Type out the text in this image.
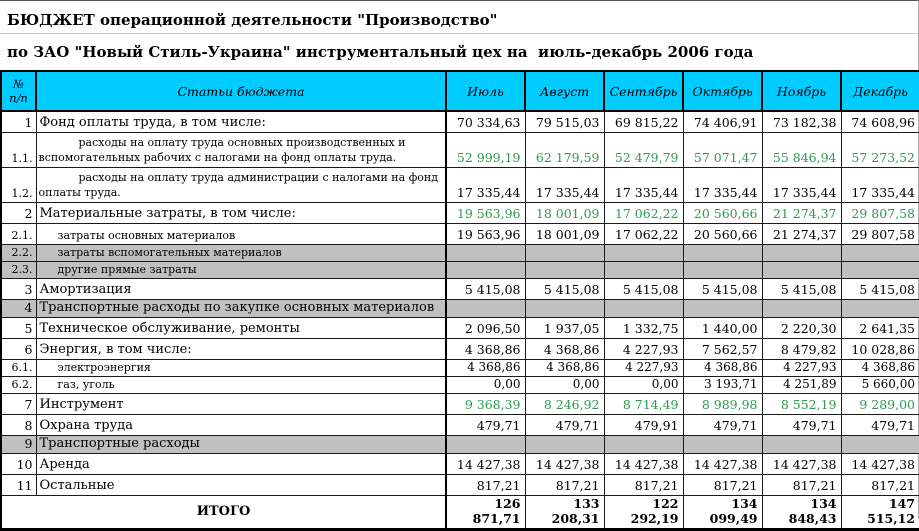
БЮДЖЕТ операционной деятельности "Производство"
по ЗАО "Новый Стиль-Украина" инструментальный цех на  июль-декабрь 2006 года
№
п/п	Статьи бюджета	Июль	Август	Сентябрь	Октябрь	Ноябрь	Декабрь
1	Фонд оплаты труда, в том числе:	70 334,63	79 515,03	69 815,22	74 406,91	73 182,38	74 608,96
1.1.	расходы на оплату труда основных производственных и вспомогательных рабочих с налогами на фонд оплаты труда.	52 999,19	62 179,59	52 479,79	57 071,47	55 846,94	57 273,52
1.2.	расходы на оплату труда администрации с налогами на фонд оплаты труда.	17 335,44	17 335,44	17 335,44	17 335,44	17 335,44	17 335,44
2	Материальные затраты, в том числе:	19 563,96	18 001,09	17 062,22	20 560,66	21 274,37	29 807,58
2.1.	затраты основных материалов	19 563,96	18 001,09	17 062,22	20 560,66	21 274,37	29 807,58
2.2.	затраты вспомогательных материалов						
2.3.	другие прямые затраты						
3	Амортизация	5 415,08	5 415,08	5 415,08	5 415,08	5 415,08	5 415,08
4	Транспортные расходы по закупке основных материалов						
5	Техническое обслуживание, ремонты	2 096,50	1 937,05	1 332,75	1 440,00	2 220,30	2 641,35
6	Энергия, в том числе:	4 368,86	4 368,86	4 227,93	7 562,57	8 479,82	10 028,86
6.1.	электроэнергия	4 368,86	4 368,86	4 227,93	4 368,86	4 227,93	4 368,86
6.2.	газ, уголь	0,00	0,00	0,00	3 193,71	4 251,89	5 660,00
7	Инструмент	9 368,39	8 246,92	8 714,49	8 989,98	8 552,19	9 289,00
8	Охрана труда	479,71	479,71	479,91	479,71	479,71	479,71
9	Транспортные расходы						
10	Аренда	14 427,38	14 427,38	14 427,38	14 427,38	14 427,38	14 427,38
11	Остальные	817,21	817,21	817,21	817,21	817,21	817,21
ИТОГО		126 871,71	133 208,31	122 292,19	134 099,49	134 848,43	147 515,12
